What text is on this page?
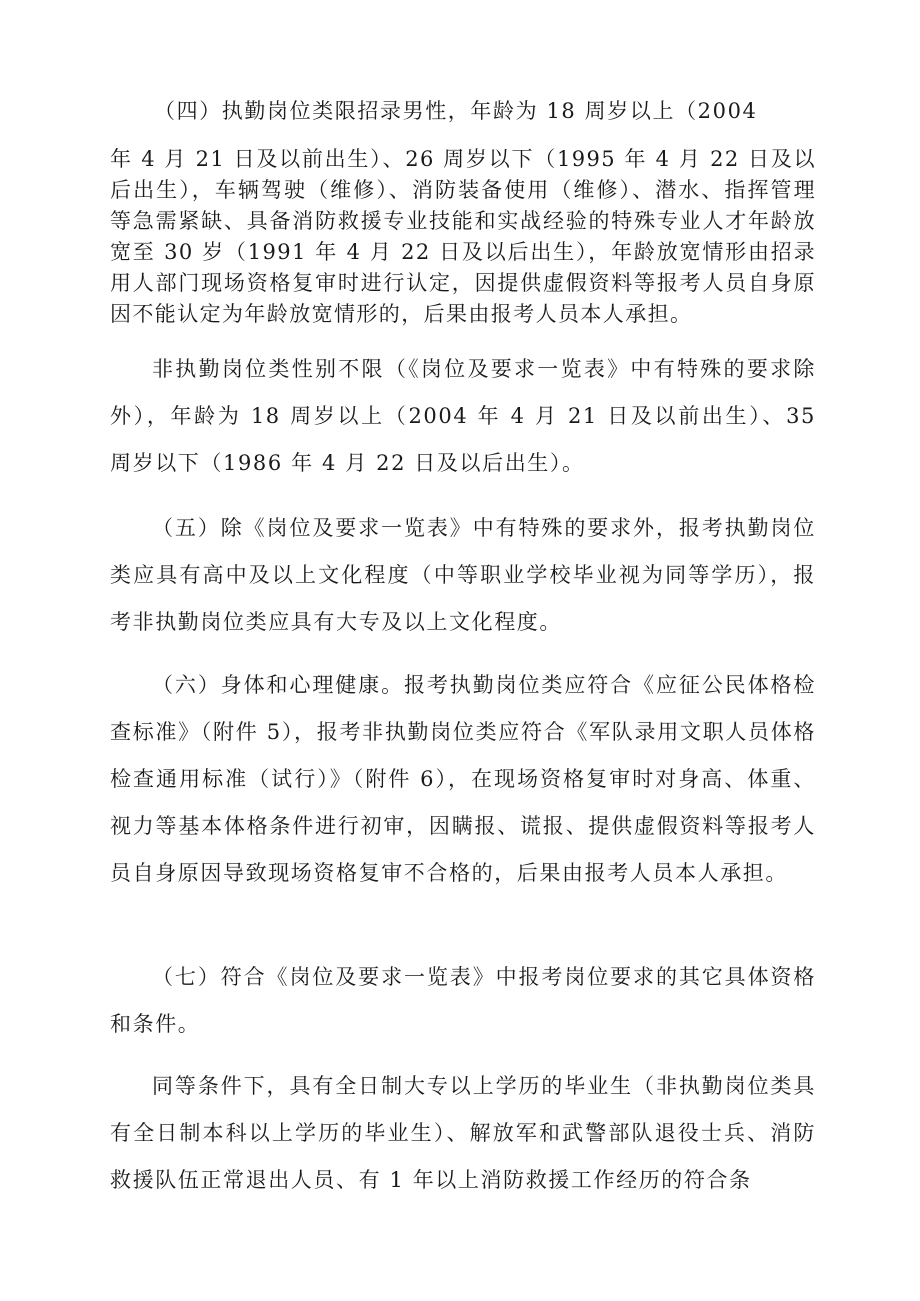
（四）执勤岗位类限招录男性，年龄为 18 周岁以上（2004

年 4 月 21 日及以前出生）、26 周岁以下（1995 年 4 月 22 日及以后出生），车辆驾驶（维修）、消防装备使用（维修）、潜水、指挥管理等急需紧缺、具备消防救援专业技能和实战经验的特殊专业人才年龄放宽至 30 岁（1991 年 4 月 22 日及以后出生），年龄放宽情形由招录用人部门现场资格复审时进行认定，因提供虚假资料等报考人员自身原因不能认定为年龄放宽情形的，后果由报考人员本人承担。

非执勤岗位类性别不限（《岗位及要求一览表》中有特殊的要求除外），年龄为 18 周岁以上（2004 年 4 月 21 日及以前出生）、35 周岁以下（1986 年 4 月 22 日及以后出生）。

（五）除《岗位及要求一览表》中有特殊的要求外，报考执勤岗位类应具有高中及以上文化程度（中等职业学校毕业视为同等学历），报考非执勤岗位类应具有大专及以上文化程度。

（六）身体和心理健康。报考执勤岗位类应符合《应征公民体格检查标准》（附件 5），报考非执勤岗位类应符合《军队录用文职人员体格检查通用标准（试行）》（附件 6），在现场资格复审时对身高、体重、视力等基本体格条件进行初审，因瞒报、谎报、提供虚假资料等报考人员自身原因导致现场资格复审不合格的，后果由报考人员本人承担。

（七）符合《岗位及要求一览表》中报考岗位要求的其它具体资格和条件。

同等条件下，具有全日制大专以上学历的毕业生（非执勤岗位类具有全日制本科以上学历的毕业生）、解放军和武警部队退役士兵、消防救援队伍正常退出人员、有 1 年以上消防救援工作经历的符合条
